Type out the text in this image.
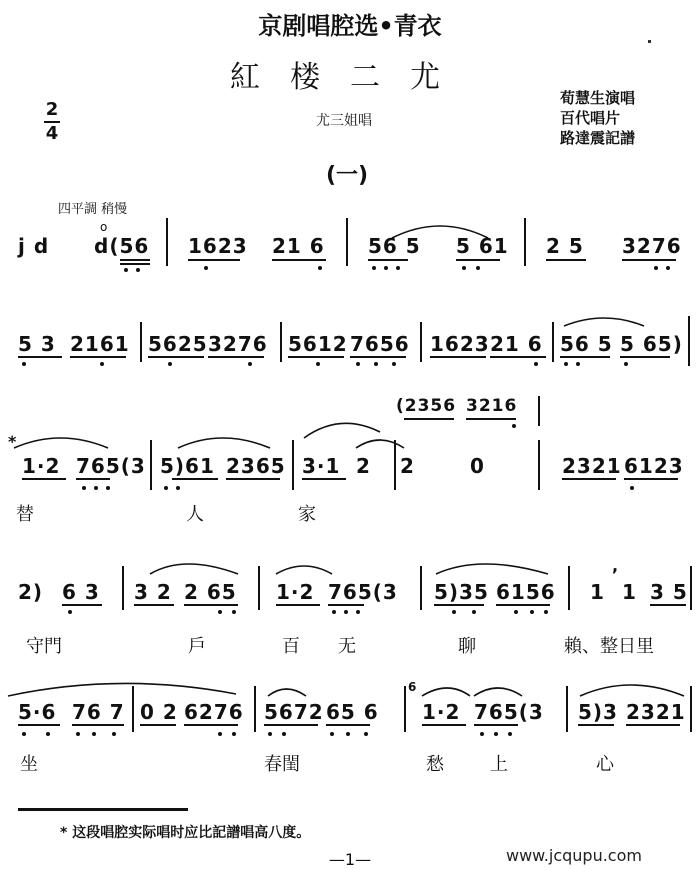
京剧唱腔选•青衣
紅楼二尤
2
4
尤三姐唱
荀慧生演唱
百代唱片
路達震記譜
(一)
四平調 稍慢
o
j d d(56 1623 21 6 56 5 5 61 2 5 3276
5 3 2161 5625 3276 5612 7656 1623 21 6 56 5 5 65)
(2356 3216
*
1·2 765(3 5)61 2365 3·1 2 2	0	2321 6123
替	人	家
2) 6 3 3 2 2 65 1·2 765(3 5)35 6156 1 1 3 5
,
守門	戶	百 无	聊	賴、整日里
5·6 76 7 0 2 6276 5672 65 6 1·2 765(3 5)3 2321
6
坐	春閨	愁	上	心
* 这段唱腔实际唱时应比記譜唱高八度。
—1—	www.jcqupu.com
